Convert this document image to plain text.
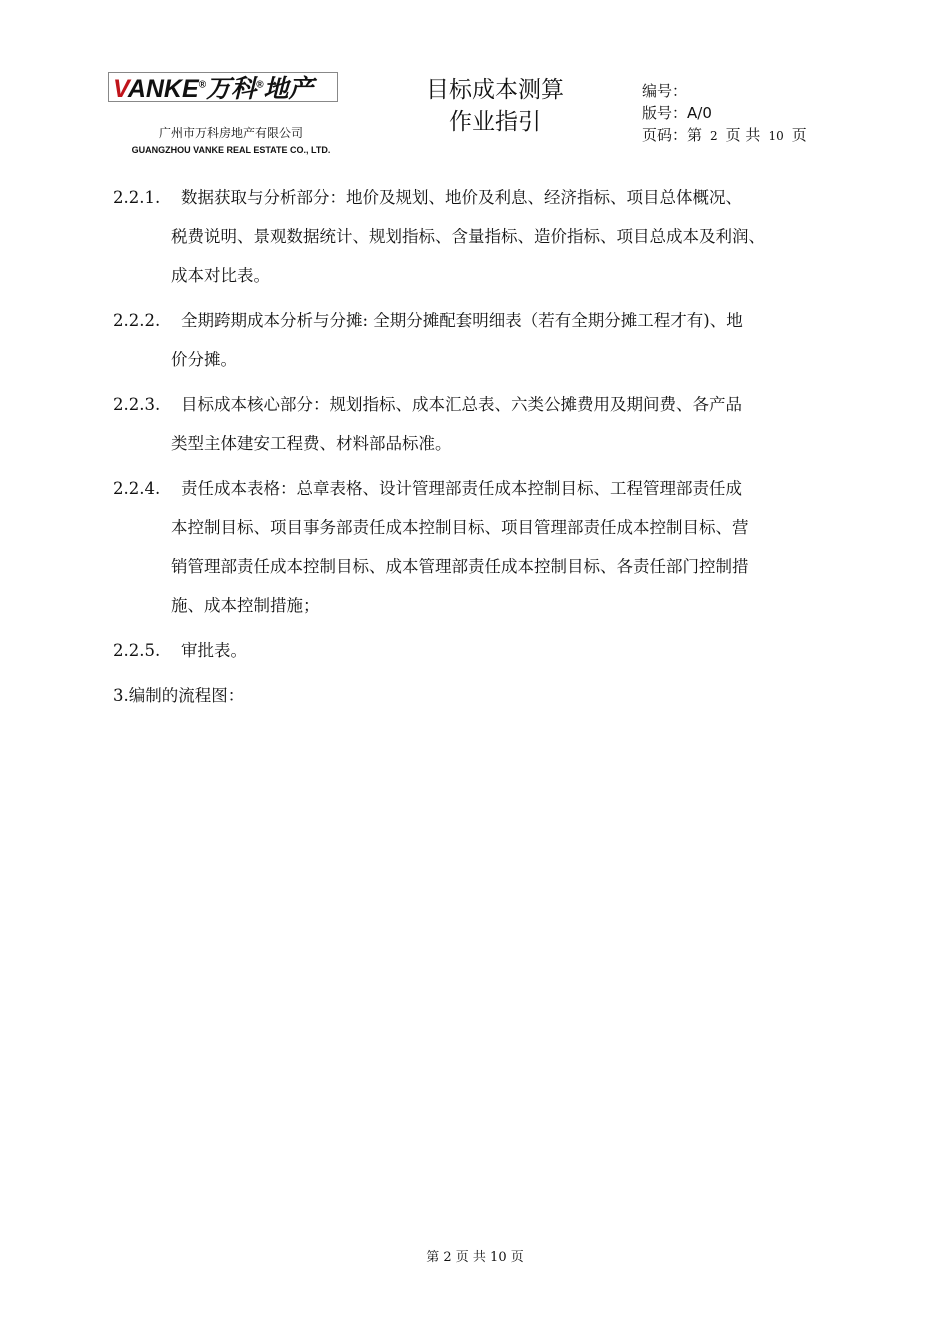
VANKE®万科®地产
广州市万科房地产有限公司
GUANGZHOU VANKE REAL ESTATE CO., LTD.
目标成本测算
作业指引
编号：
版号：A/0
页码：第 2 页 共 10 页
2.2.1. 数据获取与分析部分：地价及规划、地价及利息、经济指标、项目总体概况、
税费说明、景观数据统计、规划指标、含量指标、造价指标、项目总成本及利润、
成本对比表。
2.2.2. 全期跨期成本分析与分摊: 全期分摊配套明细表（若有全期分摊工程才有)、地
价分摊。
2.2.3. 目标成本核心部分：规划指标、成本汇总表、六类公摊费用及期间费、各产品
类型主体建安工程费、材料部品标准。
2.2.4. 责任成本表格：总章表格、设计管理部责任成本控制目标、工程管理部责任成
本控制目标、项目事务部责任成本控制目标、项目管理部责任成本控制目标、营
销管理部责任成本控制目标、成本管理部责任成本控制目标、各责任部门控制措
施、成本控制措施；
2.2.5. 审批表。
3.编制的流程图：
第 2 页 共 10 页
